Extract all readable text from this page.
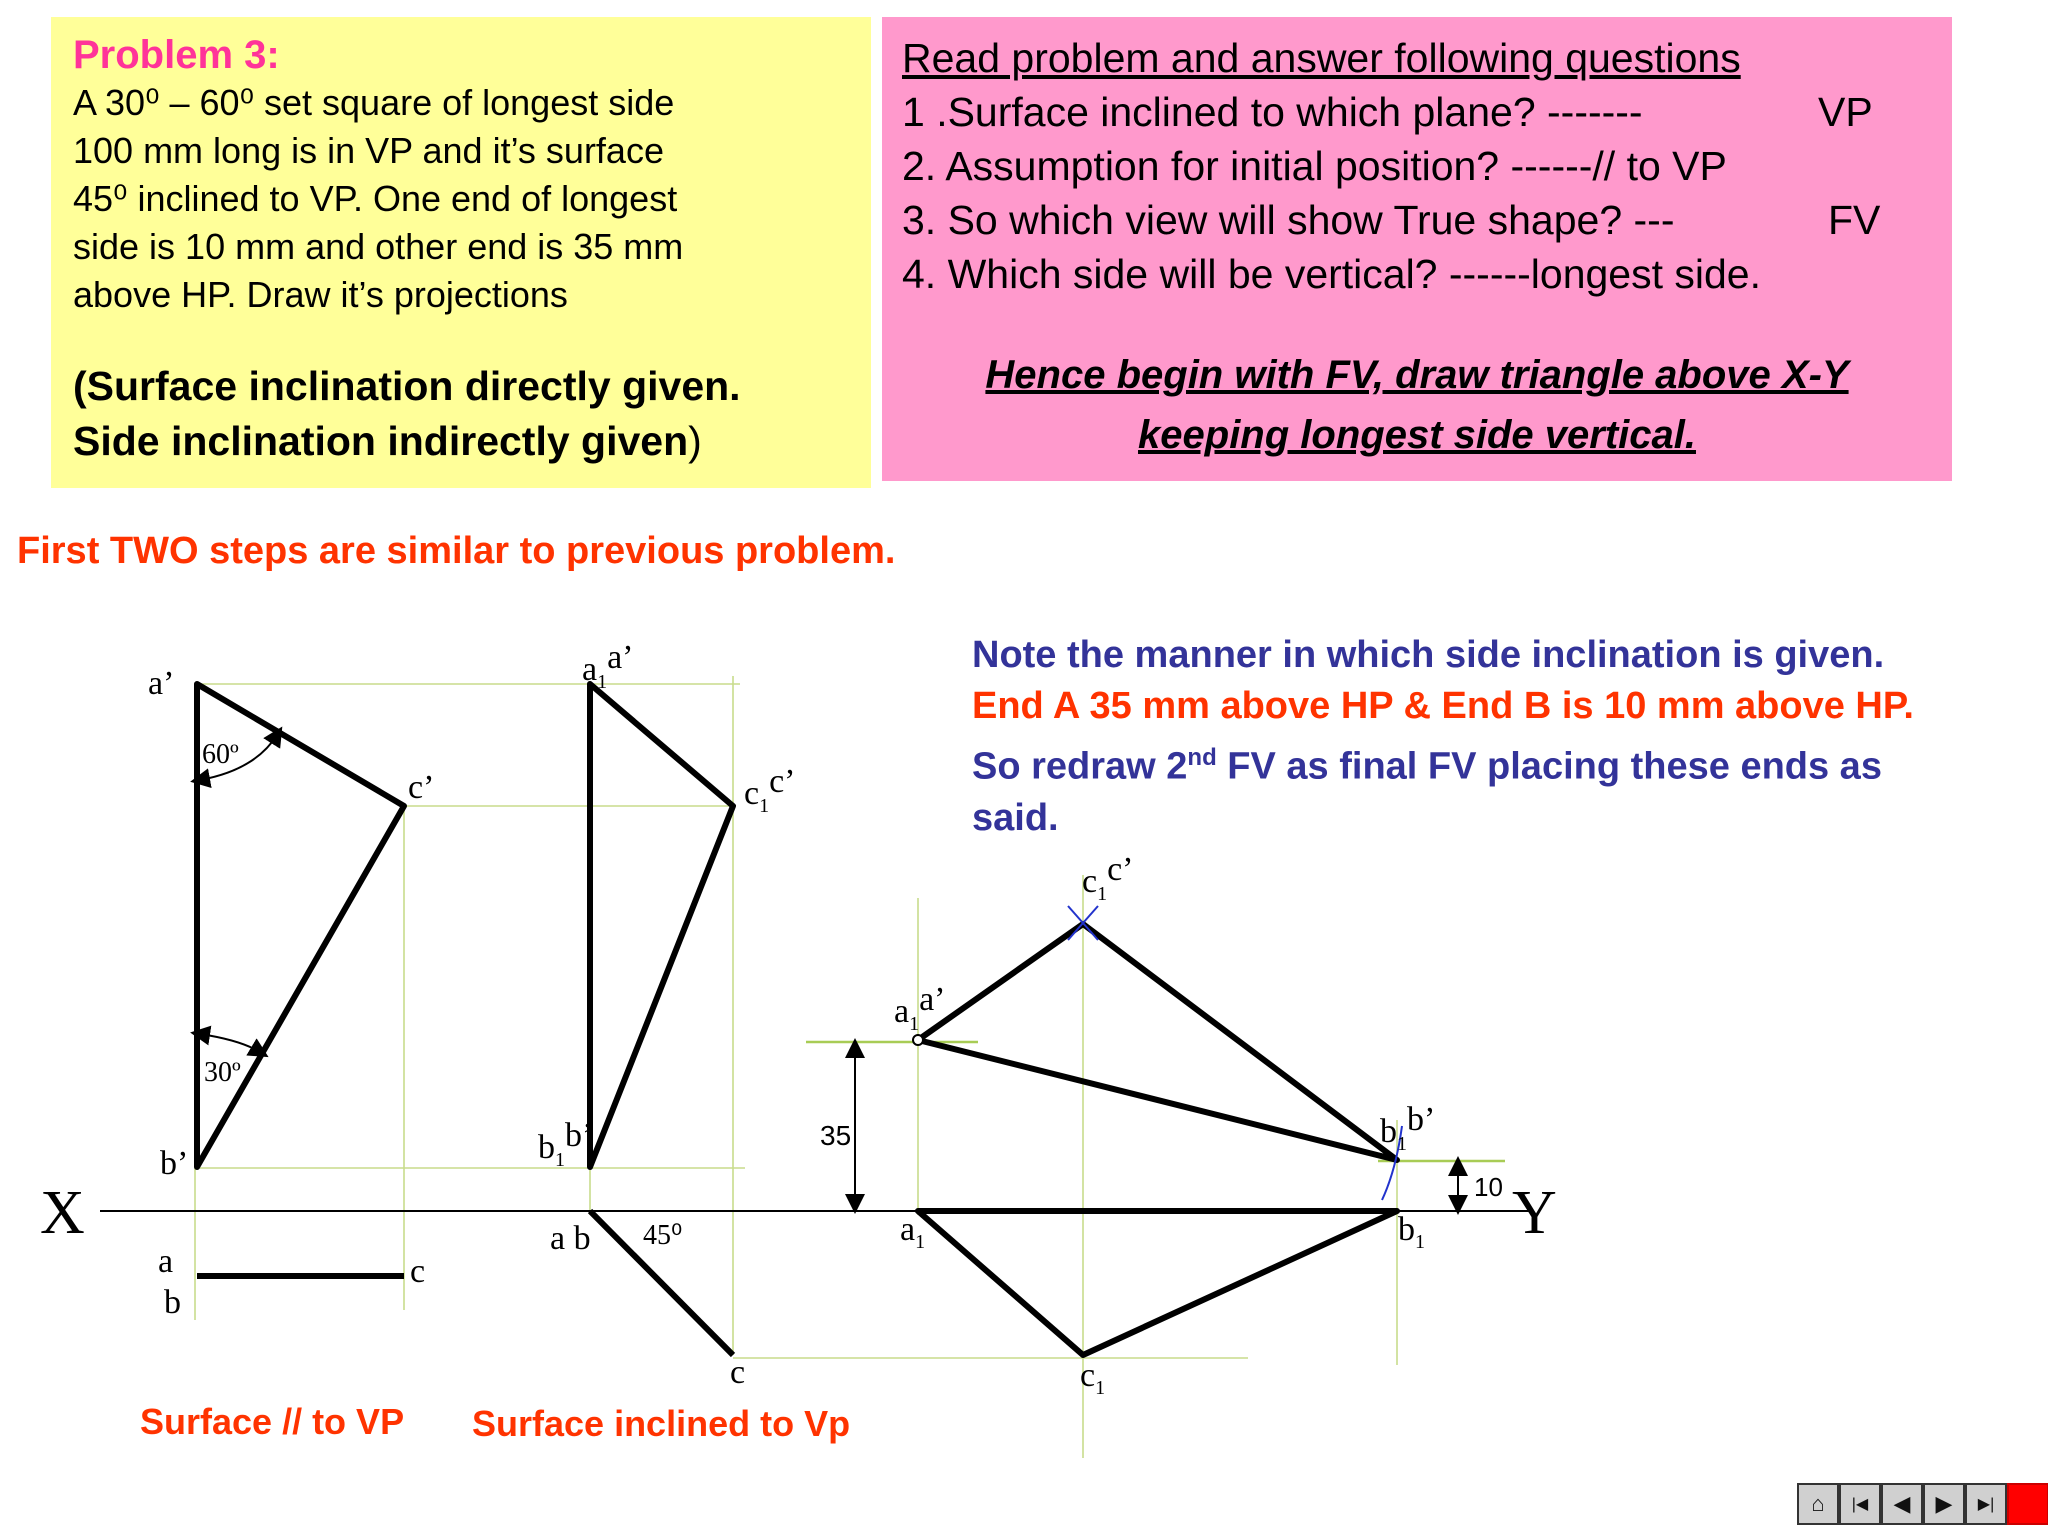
Problem 3:
A 30⁰ – 60⁰ set square of longest side
100 mm long is in VP and it’s surface
45⁰ inclined to VP. One end of longest
side is 10 mm and other end is 35 mm
above HP. Draw it’s projections
(Surface inclination directly given.
Side inclination indirectly given)
Read problem and answer following questions
1 .Surface inclined to which plane? -------	VP
2. Assumption for initial position? ------// to VP
3. So which view will show True shape? ---	FV
4. Which side will be vertical? ------longest side.
Hence begin with FV, draw triangle above X-Y
keeping longest side vertical.
First TWO steps are similar to previous problem.
Note the manner in which side inclination is given.
End A 35 mm above HP & End B is 10 mm above HP.
So redraw 2nd FV as final FV placing these ends as
said.
X	Y
a’
c’
b’
60º
30º
a
b
c
Surface // to VP
$a_1a$’
$c_1c$’
$b_1b$’
a b 45⁰
c
Surface inclined to Vp
35
10
$c_1c$’
$a_1a$’
$b_1b$’
$a_1$	$b_1$
$c_1$
⌂ |◀ ◀ ▶ ▶|
